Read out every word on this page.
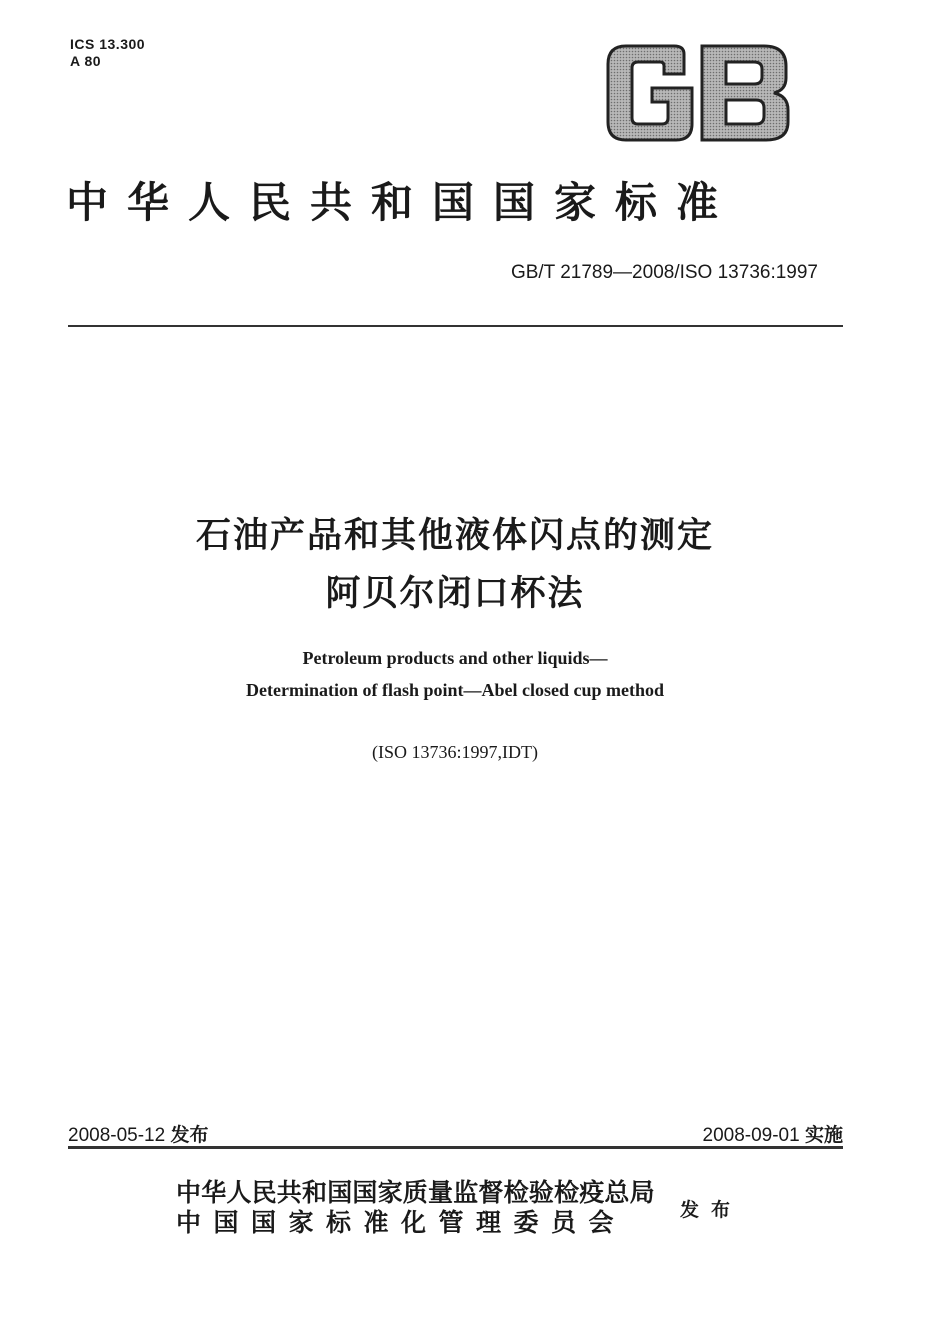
ICS 13.300
A 80
GB
中华人民共和国国家标准
GB/T 21789—2008/ISO 13736:1997
石油产品和其他液体闪点的测定
阿贝尔闭口杯法
Petroleum products and other liquids—
Determination of flash point—Abel closed cup method
(ISO 13736:1997,IDT)
2008-05-12 发布	2008-09-01 实施
中华人民共和国国家质量监督检验检疫总局
中国国家标准化管理委员会	发布
